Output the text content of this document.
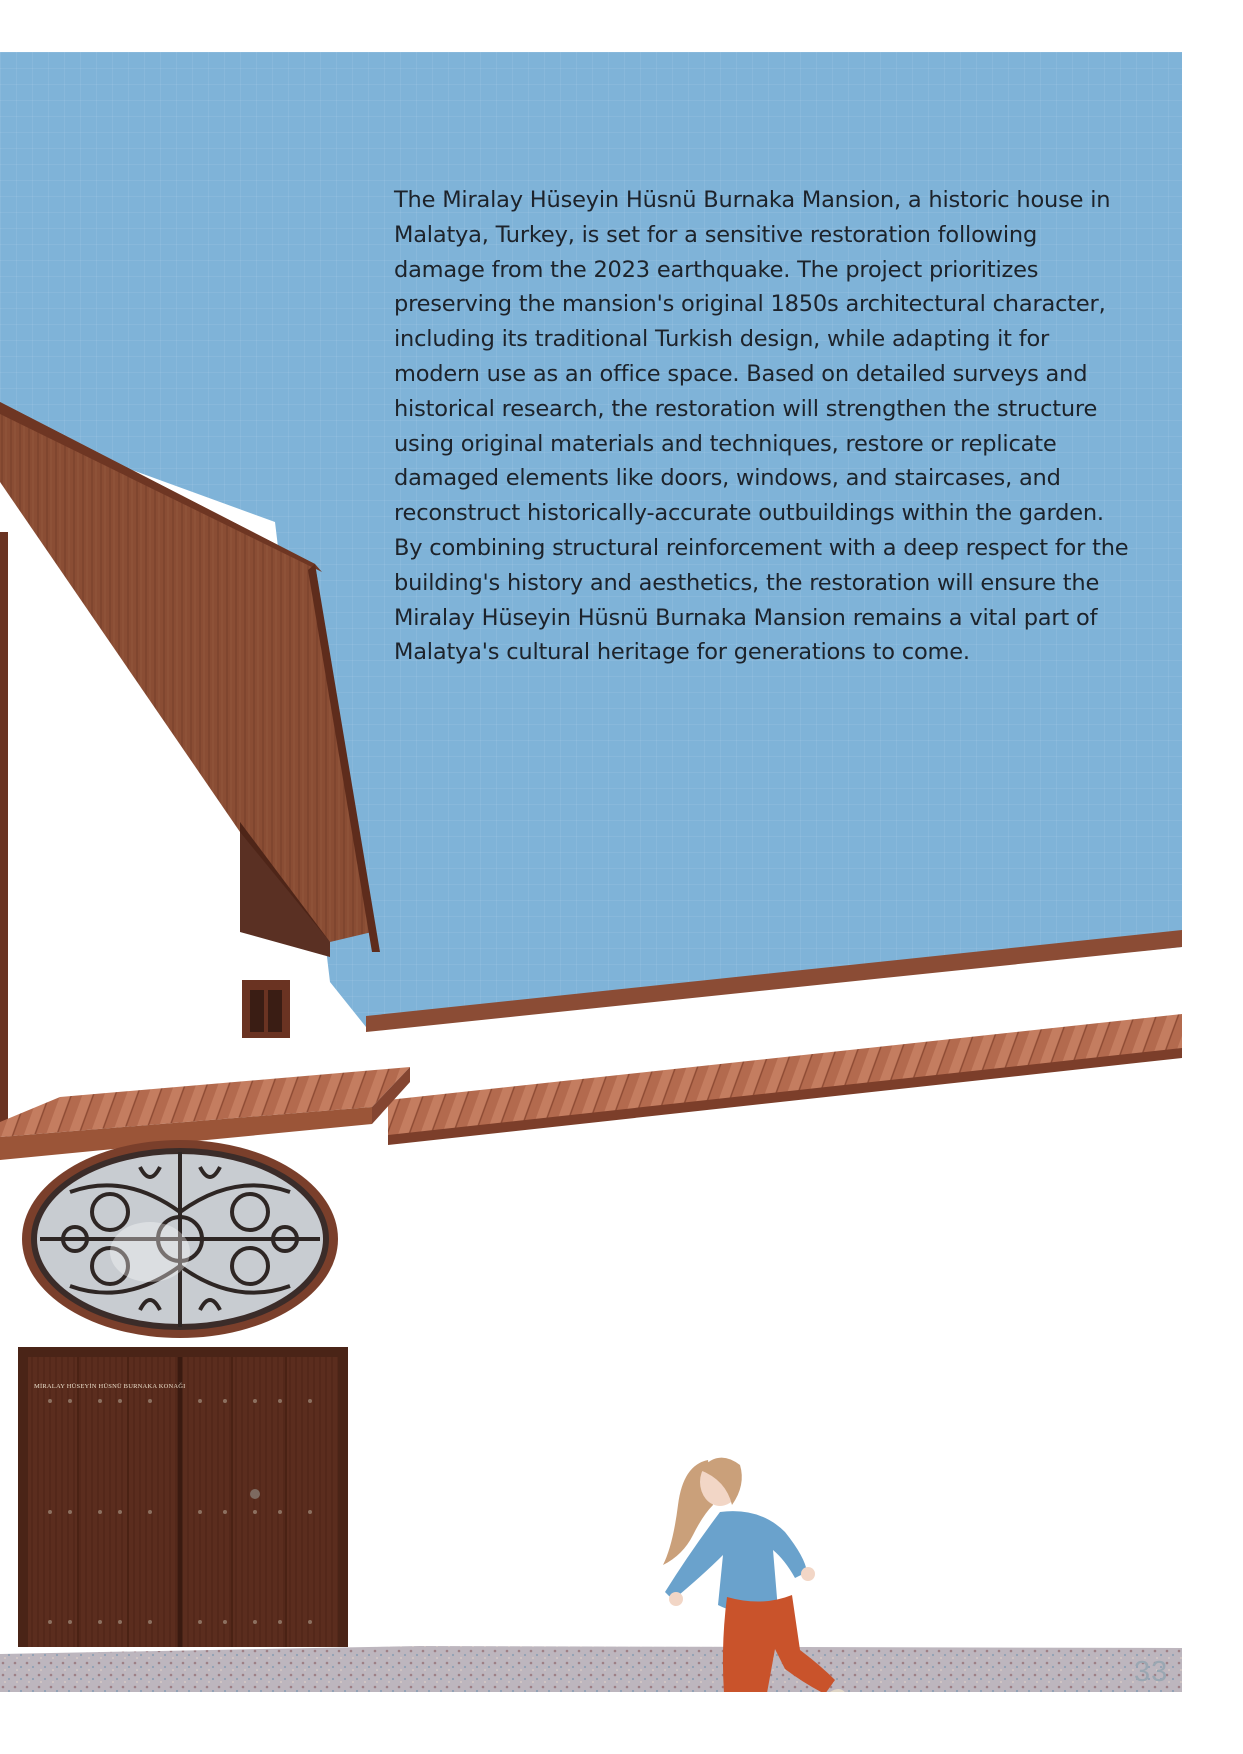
The Miralay Hüseyin Hüsnü Burnaka Mansion, a historic house in Malatya, Turkey, is set for a sensitive restoration following damage from the 2023 earthquake. The project prioritizes preserving the mansion's original 1850s architectural character, including its traditional Turkish design, while adapting it for modern use as an office space. Based on detailed surveys and historical research, the restoration will strengthen the structure using original materials and techniques, restore or replicate damaged elements like doors, windows, and staircases, and reconstruct historically-accurate outbuildings within the garden. By combining structural reinforcement with a deep respect for the building's history and aesthetics, the restoration will ensure the Miralay Hüseyin Hüsnü Burnaka Mansion remains a vital part of Malatya's cultural heritage for generations to come.

MİRALAY HÜSEYİN HÜSNÜ BURNAKA KONAĞI
33
